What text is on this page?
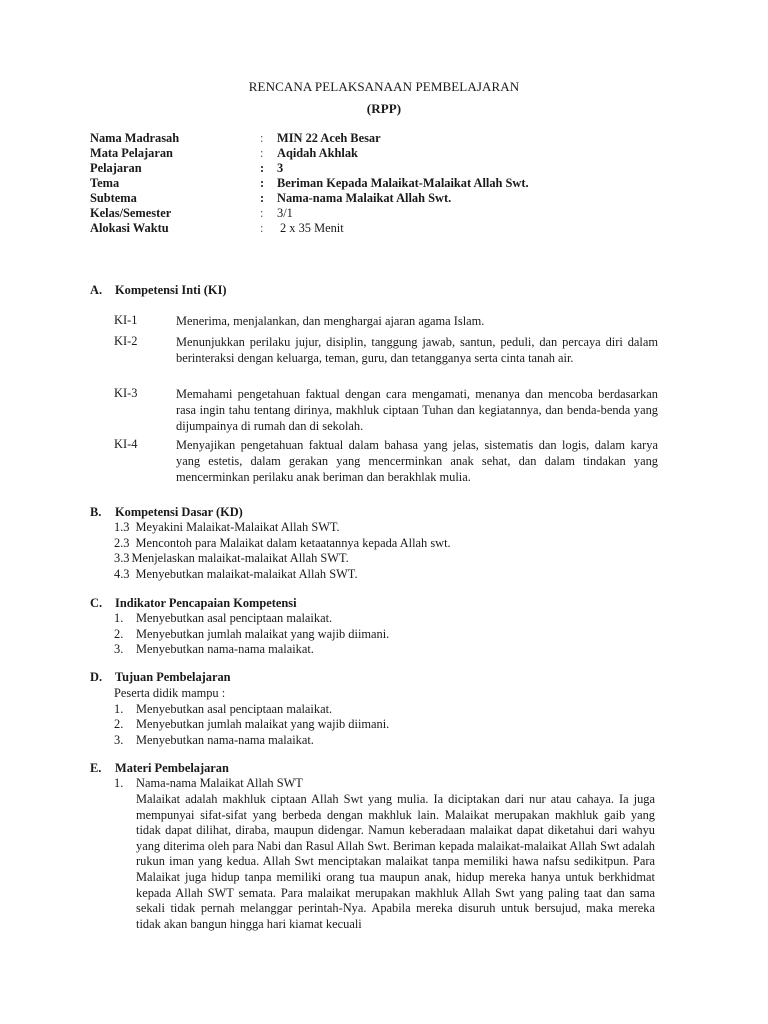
RENCANA PELAKSANAAN PEMBELAJARAN
(RPP)
Nama Madrasah	: MIN 22 Aceh Besar
Mata Pelajaran	: Aqidah Akhlak
Pelajaran	: 3
Tema	: Beriman Kepada Malaikat-Malaikat Allah Swt.
Subtema	: Nama-nama Malaikat Allah Swt.
Kelas/Semester	: 3/1
Alokasi Waktu	: 2 x 35 Menit
A. Kompetensi Inti (KI)
KI-1	Menerima, menjalankan, dan menghargai ajaran agama Islam.
KI-2	Menunjukkan perilaku jujur, disiplin, tanggung jawab, santun, peduli, dan percaya diri dalam berinteraksi dengan keluarga, teman, guru, dan tetangganya serta cinta tanah air.
KI-3	Memahami pengetahuan faktual dengan cara mengamati, menanya dan mencoba berdasarkan rasa ingin tahu tentang dirinya, makhluk ciptaan Tuhan dan kegiatannya, dan benda-benda yang dijumpainya di rumah dan di sekolah.
KI-4	Menyajikan pengetahuan faktual dalam bahasa yang jelas, sistematis dan logis, dalam karya yang estetis, dalam gerakan yang mencerminkan anak sehat, dan dalam tindakan yang mencerminkan perilaku anak beriman dan berakhlak mulia.
B. Kompetensi Dasar (KD)
1.3 Meyakini Malaikat-Malaikat Allah SWT.
2.3 Mencontoh para Malaikat dalam ketaatannya kepada Allah swt.
3.3 Menjelaskan malaikat-malaikat Allah SWT.
4.3 Menyebutkan malaikat-malaikat Allah SWT.
C. Indikator Pencapaian Kompetensi
1. Menyebutkan asal penciptaan malaikat.
2. Menyebutkan jumlah malaikat yang wajib diimani.
3. Menyebutkan nama-nama malaikat.
D. Tujuan Pembelajaran
Peserta didik mampu :
1. Menyebutkan asal penciptaan malaikat.
2. Menyebutkan jumlah malaikat yang wajib diimani.
3. Menyebutkan nama-nama malaikat.
E. Materi Pembelajaran
1. Nama-nama Malaikat Allah SWT
Malaikat adalah makhluk ciptaan Allah Swt yang mulia. Ia diciptakan dari nur atau cahaya. Ia juga mempunyai sifat-sifat yang berbeda dengan makhluk lain. Malaikat merupakan makhluk gaib yang tidak dapat dilihat, diraba, maupun didengar. Namun keberadaan malaikat dapat diketahui dari wahyu yang diterima oleh para Nabi dan Rasul Allah Swt. Beriman kepada malaikat-malaikat Allah Swt adalah rukun iman yang kedua. Allah Swt menciptakan malaikat tanpa memiliki hawa nafsu sedikitpun. Para Malaikat juga hidup tanpa memiliki orang tua maupun anak, hidup mereka hanya untuk berkhidmat kepada Allah SWT semata. Para malaikat merupakan makhluk Allah Swt yang paling taat dan sama sekali tidak pernah melanggar perintah-Nya. Apabila mereka disuruh untuk bersujud, maka mereka tidak akan bangun hingga hari kiamat kecuali
